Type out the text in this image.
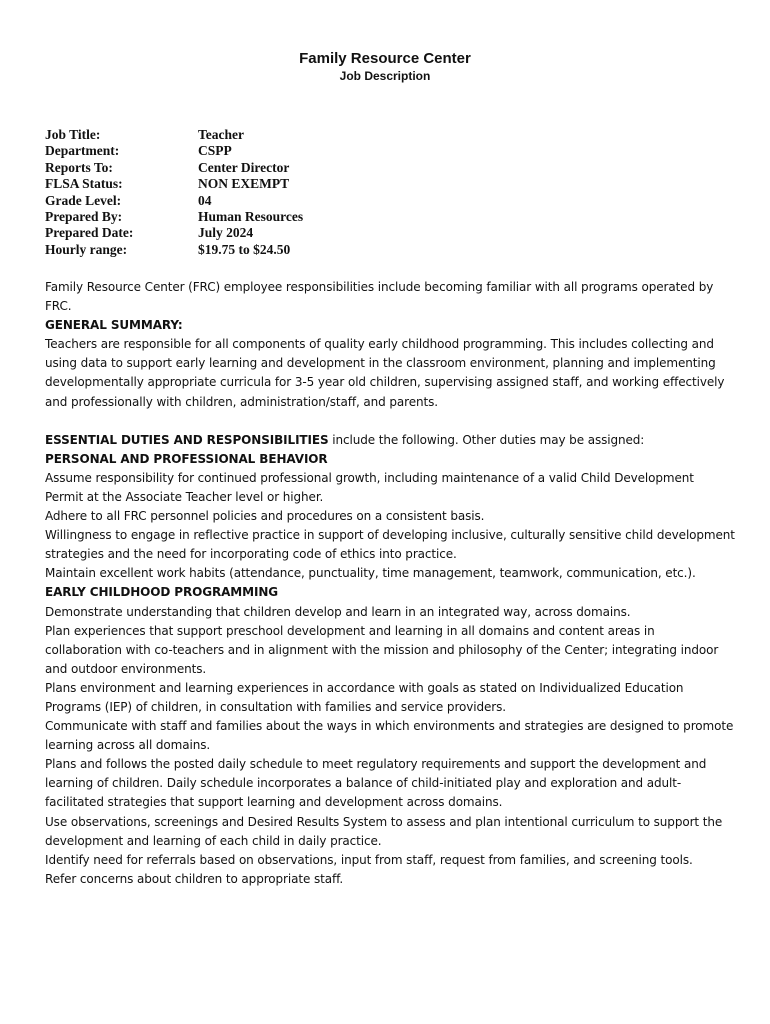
Family Resource Center
Job Description
Job Title:	Teacher
Department:	CSPP
Reports To:	Center Director
FLSA Status:	NON EXEMPT
Grade Level:	04
Prepared By:	Human Resources
Prepared Date:	July 2024
Hourly range:	$19.75 to $24.50

Family Resource Center (FRC) employee responsibilities include becoming familiar with all programs operated by FRC.

GENERAL SUMMARY:

Teachers are responsible for all components of quality early childhood programming. This includes collecting and using data to support early learning and development in the classroom environment, planning and implementing developmentally appropriate curricula for 3-5 year old children, supervising assigned staff, and working effectively and professionally with children, administration/staff, and parents.

ESSENTIAL DUTIES AND RESPONSIBILITIES include the following. Other duties may be assigned:

PERSONAL AND PROFESSIONAL BEHAVIOR

Assume responsibility for continued professional growth, including maintenance of a valid Child Development Permit at the Associate Teacher level or higher.

Adhere to all FRC personnel policies and procedures on a consistent basis.

Willingness to engage in reflective practice in support of developing inclusive, culturally sensitive child development strategies and the need for incorporating code of ethics into practice.

Maintain excellent work habits (attendance, punctuality, time management, teamwork, communication, etc.).

EARLY CHILDHOOD PROGRAMMING

Demonstrate understanding that children develop and learn in an integrated way, across domains.

Plan experiences that support preschool development and learning in all domains and content areas in collaboration with co-teachers and in alignment with the mission and philosophy of the Center; integrating indoor and outdoor environments.

Plans environment and learning experiences in accordance with goals as stated on Individualized Education Programs (IEP) of children, in consultation with families and service providers.

Communicate with staff and families about the ways in which environments and strategies are designed to promote learning across all domains.

Plans and follows the posted daily schedule to meet regulatory requirements and support the development and learning of children. Daily schedule incorporates a balance of child-initiated play and exploration and adult-facilitated strategies that support learning and development across domains.

Use observations, screenings and Desired Results System to assess and plan intentional curriculum to support the development and learning of each child in daily practice.

Identify need for referrals based on observations, input from staff, request from families, and screening tools.

Refer concerns about children to appropriate staff.
